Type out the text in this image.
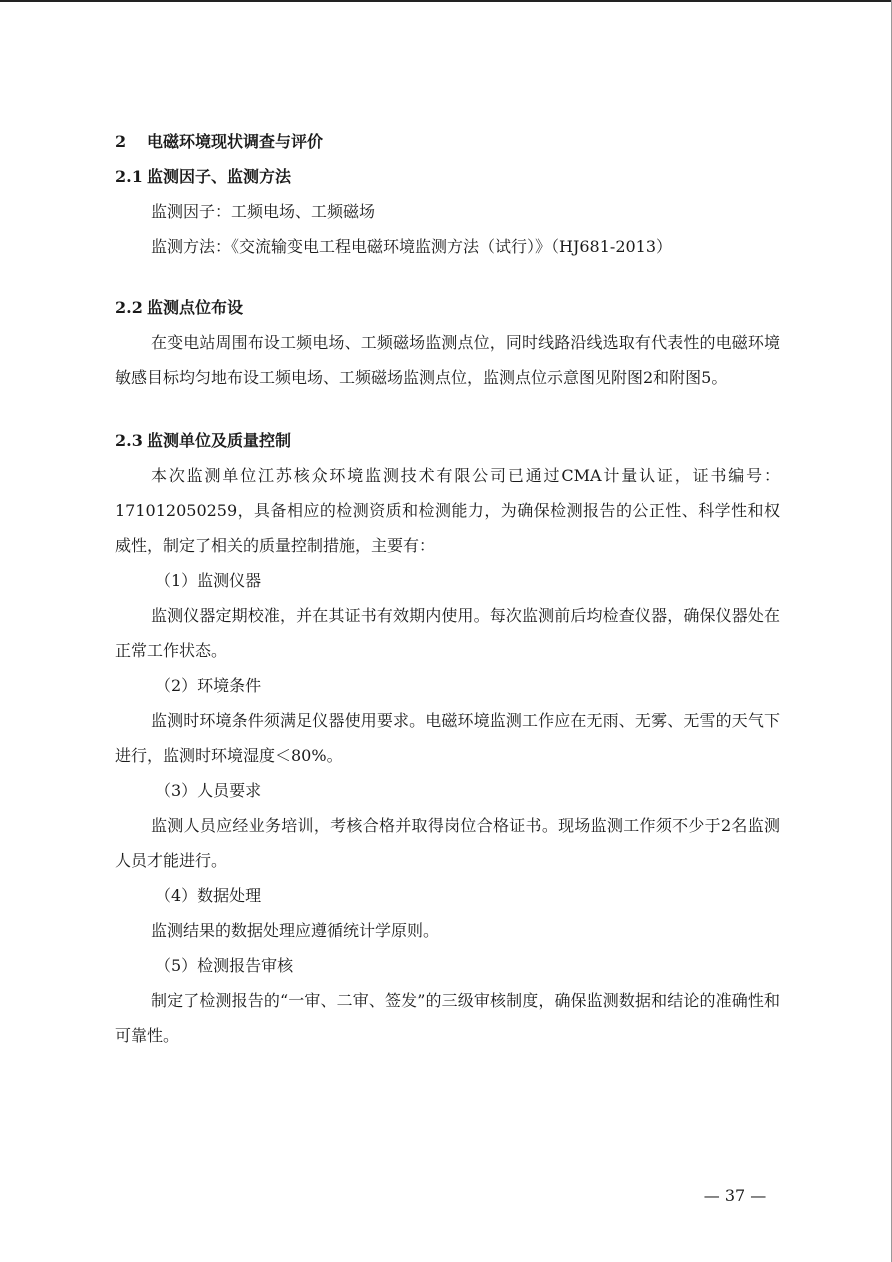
2 电磁环境现状调查与评价
2.1 监测因子、监测方法

监测因子：工频电场、工频磁场

监测方法：《交流输变电工程电磁环境监测方法（试行）》（HJ681-2013）

2.2 监测点位布设

在变电站周围布设工频电场、工频磁场监测点位，同时线路沿线选取有代表性的电磁环境敏感目标均匀地布设工频电场、工频磁场监测点位，监测点位示意图见附图2和附图5。

2.3 监测单位及质量控制

本次监测单位江苏核众环境监测技术有限公司已通过CMA计量认证，证书编号：171012050259，具备相应的检测资质和检测能力，为确保检测报告的公正性、科学性和权威性，制定了相关的质量控制措施，主要有：

（1）监测仪器

监测仪器定期校准，并在其证书有效期内使用。每次监测前后均检查仪器，确保仪器处在正常工作状态。

（2）环境条件

监测时环境条件须满足仪器使用要求。电磁环境监测工作应在无雨、无雾、无雪的天气下进行，监测时环境湿度＜80%。

（3）人员要求

监测人员应经业务培训，考核合格并取得岗位合格证书。现场监测工作须不少于2名监测人员才能进行。

（4）数据处理

监测结果的数据处理应遵循统计学原则。

（5）检测报告审核

制定了检测报告的“一审、二审、签发”的三级审核制度，确保监测数据和结论的准确性和可靠性。

— 37 —
